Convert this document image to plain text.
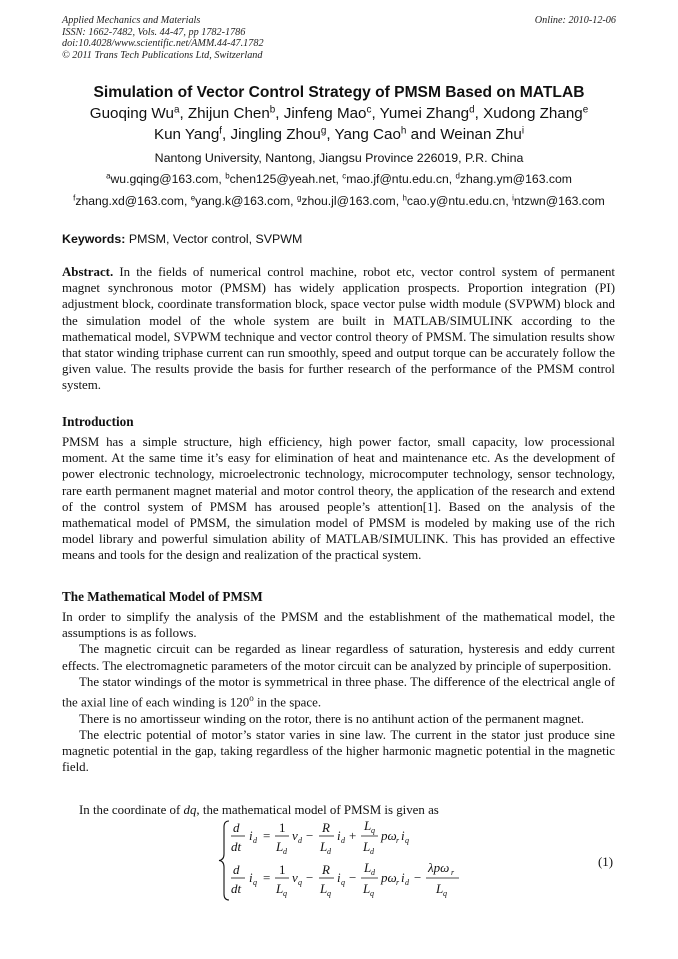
Applied Mechanics and Materials
ISSN: 1662-7482, Vols. 44-47, pp 1782-1786
doi:10.4028/www.scientific.net/AMM.44-47.1782
© 2011 Trans Tech Publications Ltd, Switzerland
Online: 2010-12-06
Simulation of Vector Control Strategy of PMSM Based on MATLAB
Guoqing Wu$^a$, Zhijun Chen$^b$, Jinfeng Mao$^c$, Yumei Zhang$^d$, Xudong Zhang$^e$
Kun Yang$^f$, Jingling Zhou$^g$, Yang Cao$^h$ and Weinan Zhu$^i$
Nantong University, Nantong, Jiangsu Province 226019, P.R. China
$^a$wu.gqing@163.com, $^b$chen125@yeah.net, $^c$mao.jf@ntu.edu.cn, $^d$zhang.ym@163.com
$^f$zhang.xd@163.com, $^e$yang.k@163.com, $^g$zhou.jl@163.com, $^h$cao.y@ntu.edu.cn, $^i$ntzwn@163.com
Keywords: PMSM, Vector control, SVPWM
Abstract. In the fields of numerical control machine, robot etc, vector control system of permanent magnet synchronous motor (PMSM) has widely application prospects. Proportion integration (PI) adjustment block, coordinate transformation block, space vector pulse width module (SVPWM) block and the simulation model of the whole system are built in MATLAB/SIMULINK according to the mathematical model, SVPWM technique and vector control theory of PMSM. The simulation results show that stator winding triphase current can run smoothly, speed and output torque can be accurately follow the given value. The results provide the basis for further research of the performance of the PMSM control system.
Introduction
PMSM has a simple structure, high efficiency, high power factor, small capacity, low processional moment. At the same time it’s easy for elimination of heat and maintenance etc. As the development of power electronic technology, microelectronic technology, microcomputer technology, sensor technology, rare earth permanent magnet material and motor control theory, the application of the research and extend of the control system of PMSM has aroused people’s attention[1]. Based on the analysis of the mathematical model of PMSM, the simulation model of PMSM is modeled by making use of the rich model library and powerful simulation ability of MATLAB/SIMULINK. This has provided an effective means and tools for the design and realization of the practical system.
The Mathematical Model of PMSM

In order to simplify the analysis of the PMSM and the establishment of the mathematical model, the assumptions is as follows.

The magnetic circuit can be regarded as linear regardless of saturation, hysteresis and eddy current effects. The electromagnetic parameters of the motor circuit can be analyzed by principle of superposition.

The stator windings of the motor is symmetrical in three phase. The difference of the electrical angle of the axial line of each winding is 120$^o$ in the space.

There is no amortisseur winding on the rotor, there is no antihunt action of the permanent magnet.

The electric potential of motor’s stator varies in sine law. The current in the stator just produce sine magnetic potential in the gap, taking regardless of the higher harmonic magnetic potential in the magnetic field.

In the coordinate of dq, the mathematical model of PMSM is given as
d
dt
i d =
1
L d
v d −
R
L d
i d +
L q
L d
pω r i q
d
dt
i q =
1
L q
v q −
R
L q
i q −
L d
L q
pω r i d −
λpω r
L q
(1)
